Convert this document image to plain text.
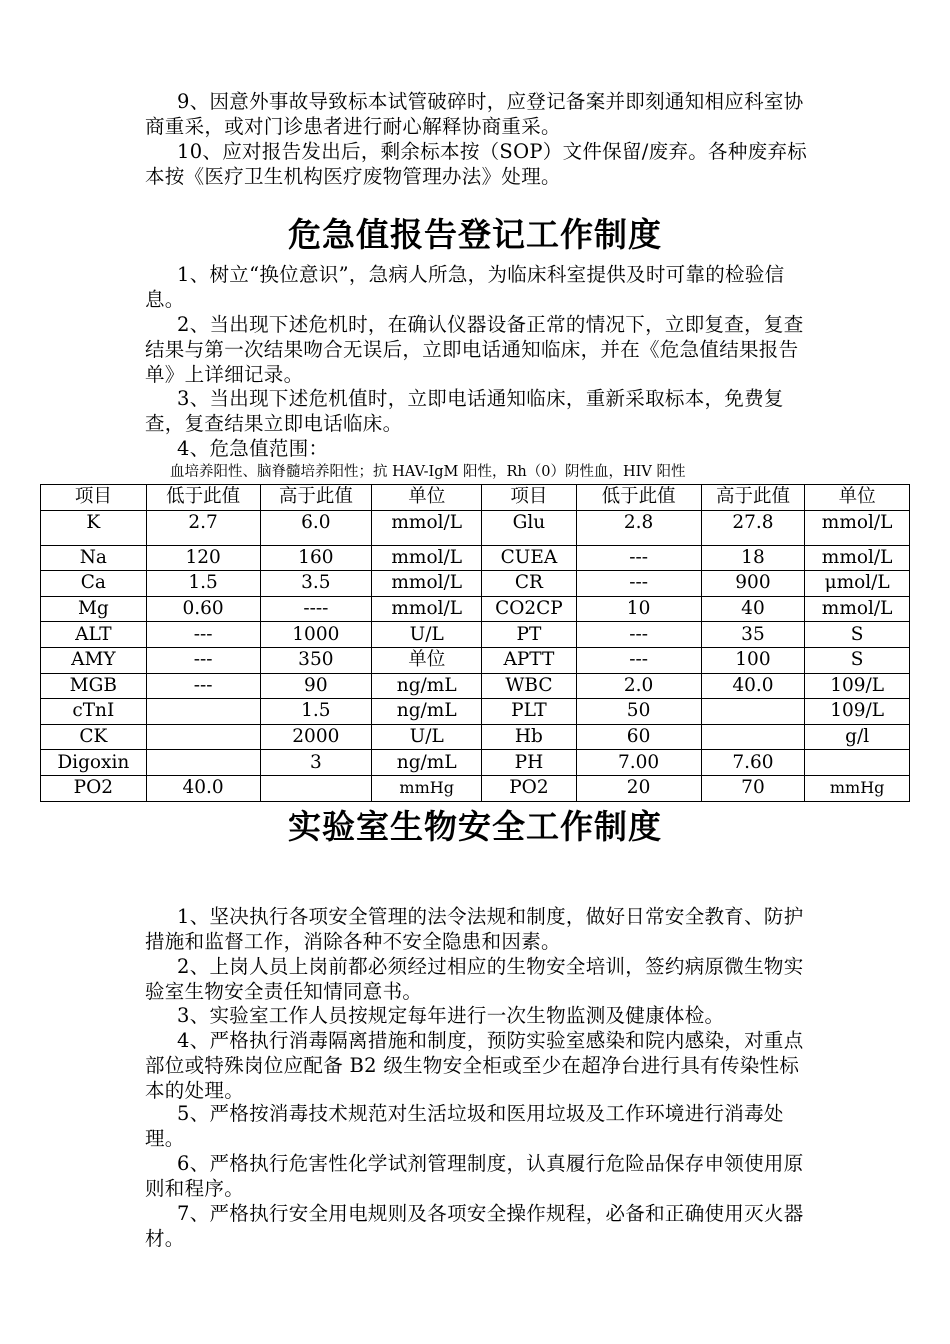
9、因意外事故导致标本试管破碎时，应登记备案并即刻通知相应科室协商重采，或对门诊患者进行耐心解释协商重采。

10、应对报告发出后，剩余标本按（SOP）文件保留/废弃。各种废弃标本按《医疗卫生机构医疗废物管理办法》处理。

危急值报告登记工作制度

1、树立“换位意识”，急病人所急，为临床科室提供及时可靠的检验信息。

2、当出现下述危机时，在确认仪器设备正常的情况下，立即复查，复查结果与第一次结果吻合无误后，立即电话通知临床，并在《危急值结果报告单》上详细记录。

3、当出现下述危机值时，立即电话通知临床，重新采取标本，免费复查，复查结果立即电话临床。

4、危急值范围：

血培养阳性、脑脊髓培养阳性；抗 HAV-IgM 阳性，Rh（0）阴性血，HIV 阳性

项目	低于此值	高于此值	单位	项目	低于此值	高于此值	单位
K	2.7	6.0	mmol/L	Glu	2.8	27.8	mmol/L
Na	120	160	mmol/L	CUEA	---	18	mmol/L
Ca	1.5	3.5	mmol/L	CR	---	900	μmol/L
Mg	0.60	----	mmol/L	CO2CP	10	40	mmol/L
ALT	---	1000	U/L	PT	---	35	S
AMY	---	350	单位	APTT	---	100	S
MGB	---	90	ng/mL	WBC	2.0	40.0	109/L
cTnI		1.5	ng/mL	PLT	50		109/L
CK		2000	U/L	Hb	60		g/l
Digoxin		3	ng/mL	PH	7.00	7.60	
PO2	40.0		mmHg	PO2	20	70	mmHg
实验室生物安全工作制度

1、坚决执行各项安全管理的法令法规和制度，做好日常安全教育、防护措施和监督工作，消除各种不安全隐患和因素。

2、上岗人员上岗前都必须经过相应的生物安全培训，签约病原微生物实验室生物安全责任知情同意书。

3、实验室工作人员按规定每年进行一次生物监测及健康体检。

4、严格执行消毒隔离措施和制度，预防实验室感染和院内感染，对重点部位或特殊岗位应配备 B2 级生物安全柜或至少在超净台进行具有传染性标本的处理。

5、严格按消毒技术规范对生活垃圾和医用垃圾及工作环境进行消毒处理。

6、严格执行危害性化学试剂管理制度，认真履行危险品保存申领使用原则和程序。

7、严格执行安全用电规则及各项安全操作规程，必备和正确使用灭火器材。
